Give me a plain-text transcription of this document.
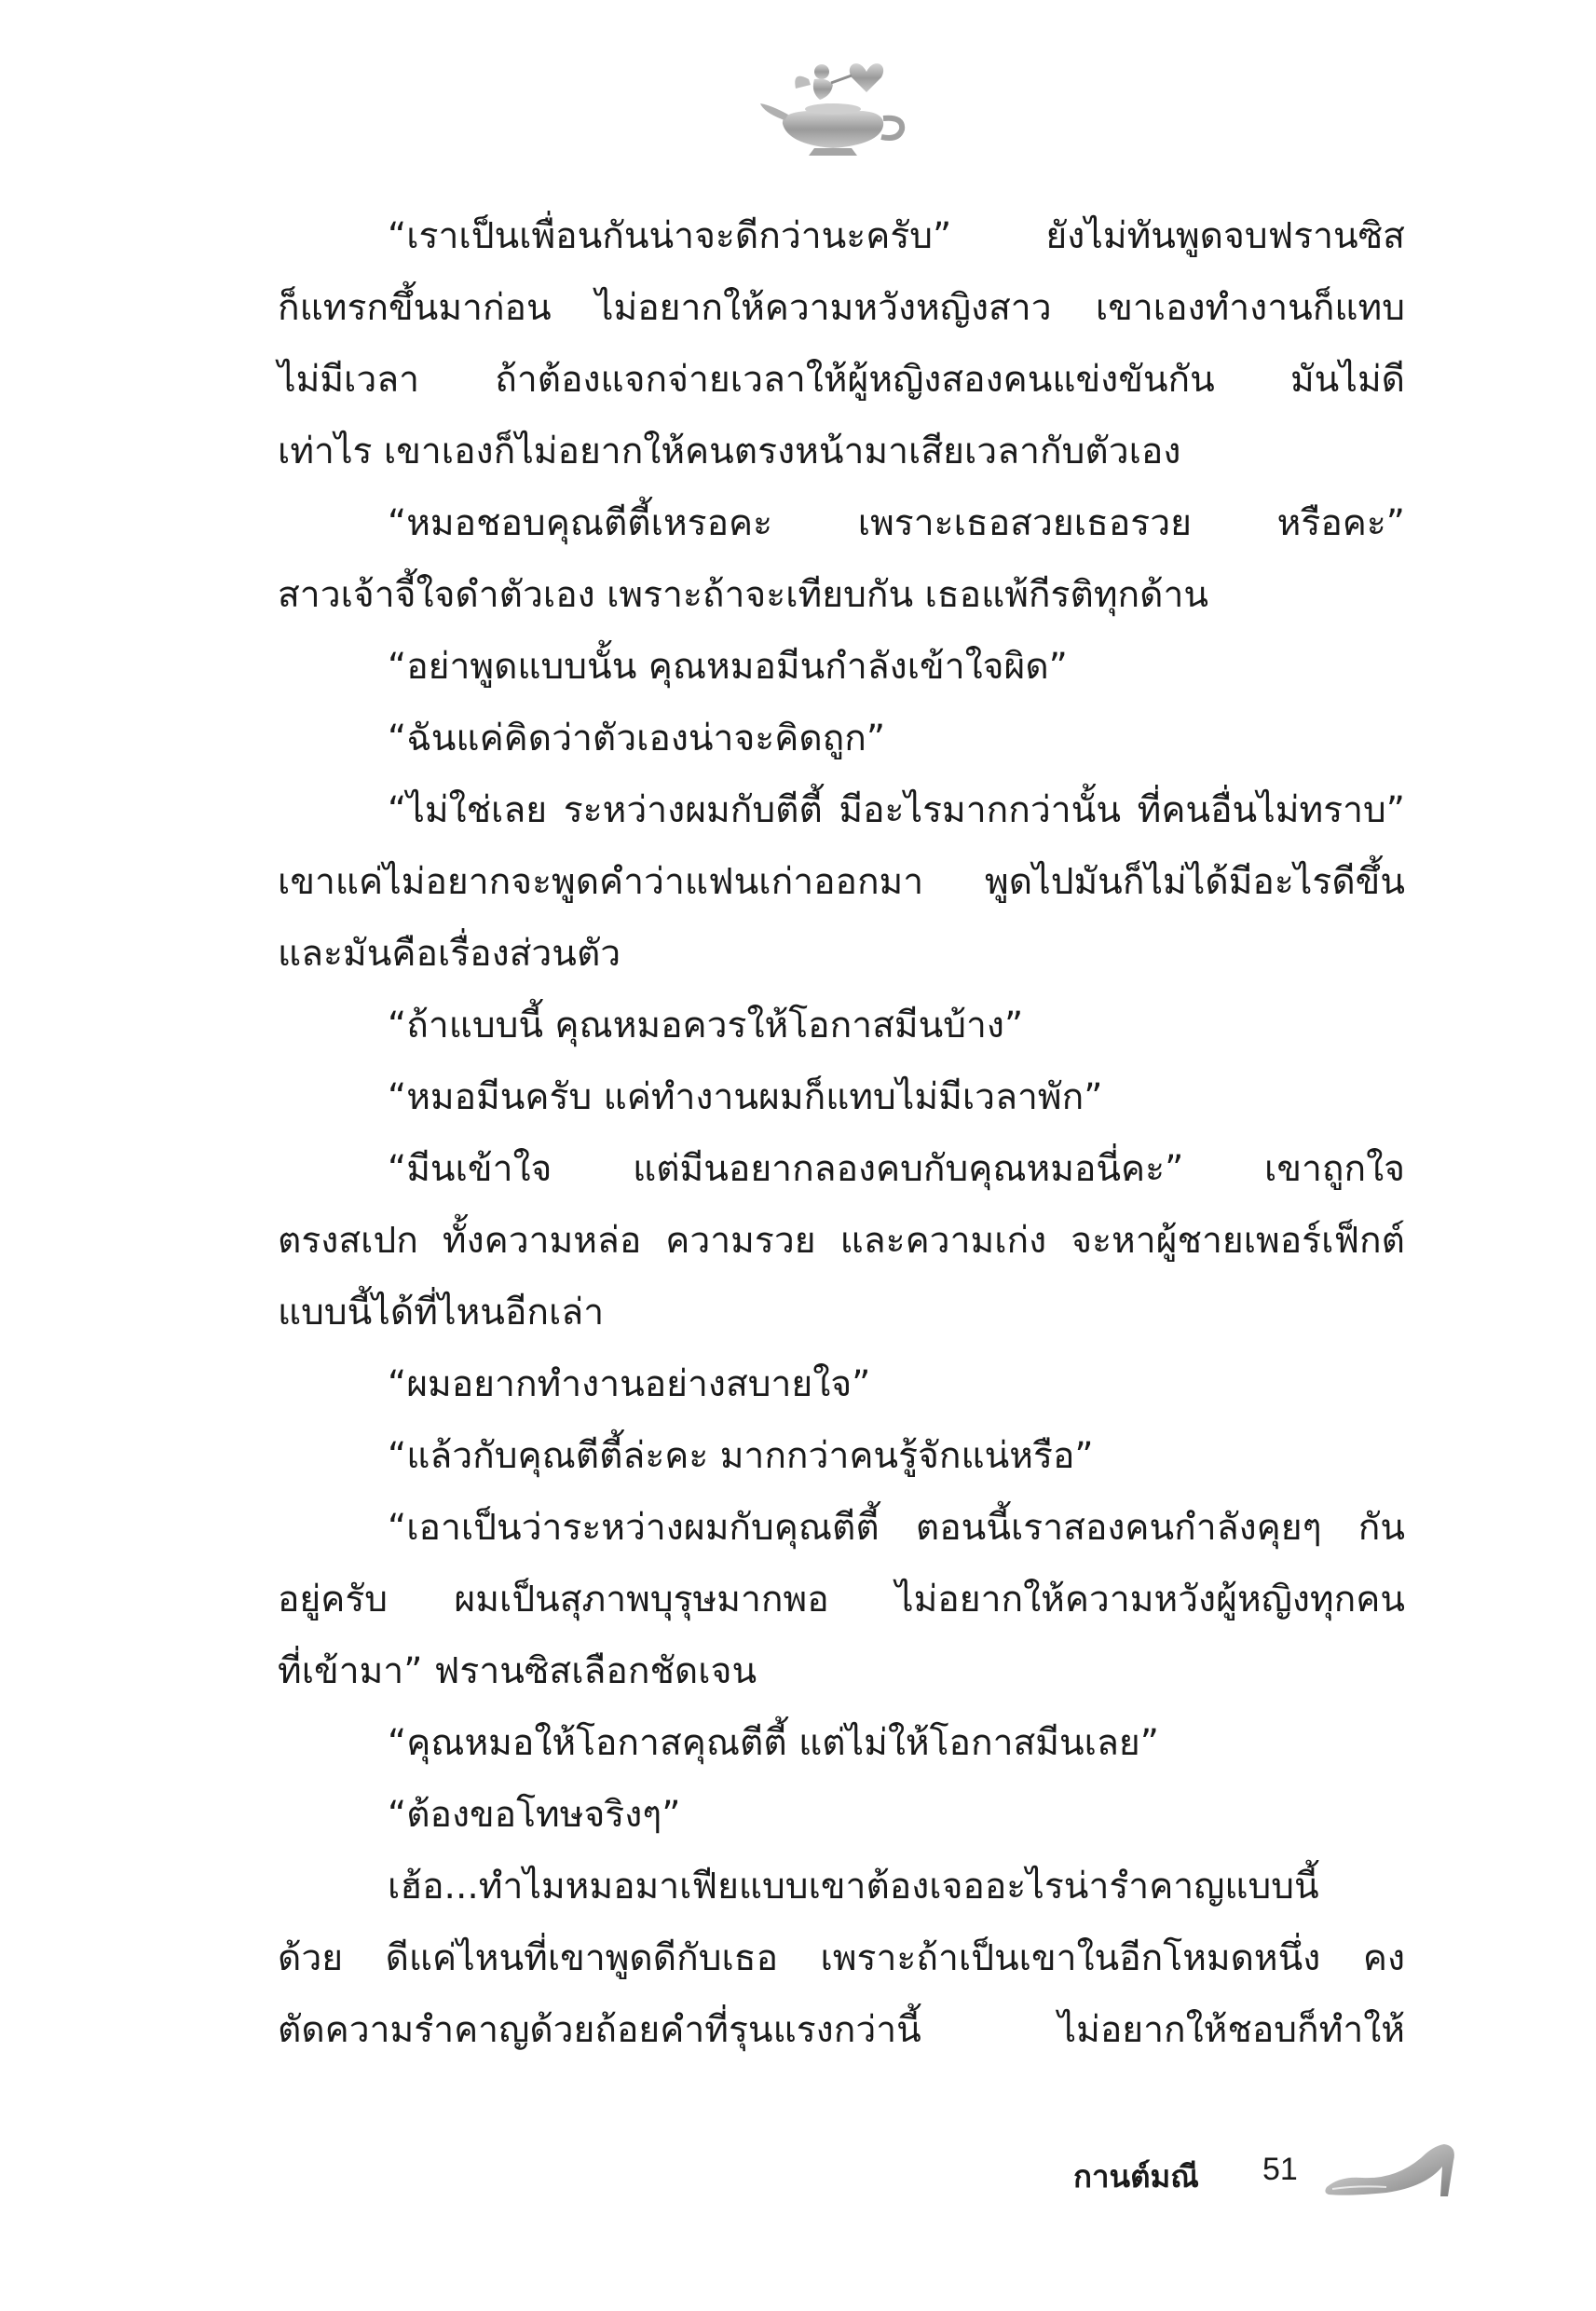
“เราเป็นเพื่อนกันน่าจะดีกว่านะครับ” ยังไม่ทันพูดจบฟรานซิส
ก็แทรกขึ้นมาก่อน ไม่อยากให้ความหวังหญิงสาว เขาเองทำงานก็แทบ
ไม่มีเวลา ถ้าต้องแจกจ่ายเวลาให้ผู้หญิงสองคนแข่งขันกัน มันไม่ดี
เท่าไร เขาเองก็ไม่อยากให้คนตรงหน้ามาเสียเวลากับตัวเอง
“หมอชอบคุณตีตี้เหรอคะ เพราะเธอสวยเธอรวย หรือคะ”
สาวเจ้าจี้ใจดำตัวเอง เพราะถ้าจะเทียบกัน เธอแพ้กีรติทุกด้าน
“อย่าพูดแบบนั้น คุณหมอมีนกำลังเข้าใจผิด”
“ฉันแค่คิดว่าตัวเองน่าจะคิดถูก”
“ไม่ใช่เลย ระหว่างผมกับตีตี้ มีอะไรมากกว่านั้น ที่คนอื่นไม่ทราบ”
เขาแค่ไม่อยากจะพูดคำว่าแฟนเก่าออกมา พูดไปมันก็ไม่ได้มีอะไรดีขึ้น
และมันคือเรื่องส่วนตัว
“ถ้าแบบนี้ คุณหมอควรให้โอกาสมีนบ้าง”
“หมอมีนครับ แค่ทำงานผมก็แทบไม่มีเวลาพัก”
“มีนเข้าใจ แต่มีนอยากลองคบกับคุณหมอนี่คะ” เขาถูกใจ
ตรงสเปก ทั้งความหล่อ ความรวย และความเก่ง จะหาผู้ชายเพอร์เฟ็กต์
แบบนี้ได้ที่ไหนอีกเล่า
“ผมอยากทำงานอย่างสบายใจ”
“แล้วกับคุณตีตี้ล่ะคะ มากกว่าคนรู้จักแน่หรือ”
“เอาเป็นว่าระหว่างผมกับคุณตีตี้ ตอนนี้เราสองคนกำลังคุยๆ กัน
อยู่ครับ ผมเป็นสุภาพบุรุษมากพอ ไม่อยากให้ความหวังผู้หญิงทุกคน
ที่เข้ามา” ฟรานซิสเลือกชัดเจน
“คุณหมอให้โอกาสคุณตีตี้ แต่ไม่ให้โอกาสมีนเลย”
“ต้องขอโทษจริงๆ”
เฮ้อ...ทำไมหมอมาเฟียแบบเขาต้องเจออะไรน่ารำคาญแบบนี้
ด้วย ดีแค่ไหนที่เขาพูดดีกับเธอ เพราะถ้าเป็นเขาในอีกโหมดหนึ่ง คง
ตัดความรำคาญด้วยถ้อยคำที่รุนแรงกว่านี้ ไม่อยากให้ชอบก็ทำให้
กานต์มณี 51
